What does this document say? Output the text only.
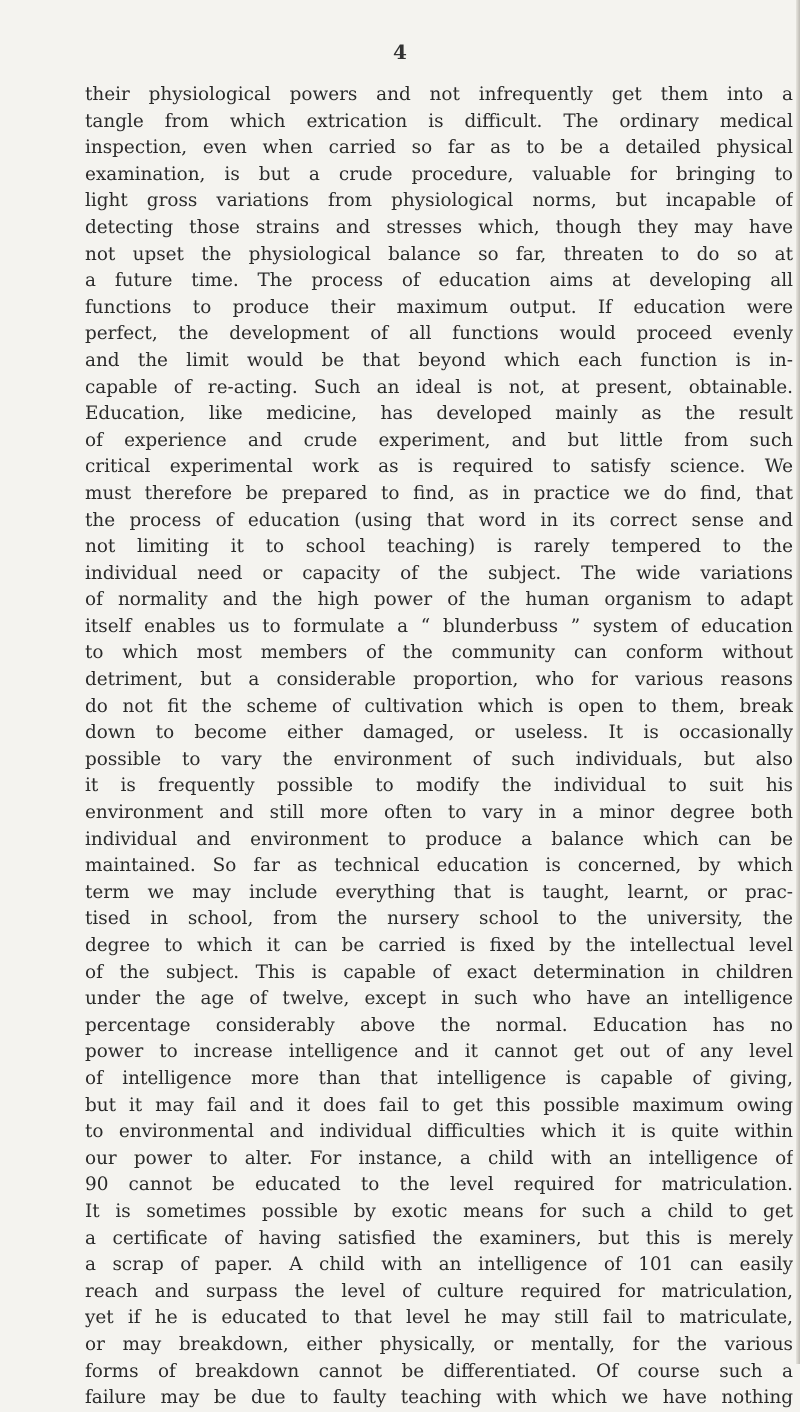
4
their physiological powers and not infrequently get them into a
tangle from which extrication is difficult. The ordinary medical
inspection, even when carried so far as to be a detailed physical
examination, is but a crude procedure, valuable for bringing to
light gross variations from physiological norms, but incapable of
detecting those strains and stresses which, though they may have
not upset the physiological balance so far, threaten to do so at
a future time. The process of education aims at developing all
functions to produce their maximum output. If education were
perfect, the development of all functions would proceed evenly
and the limit would be that beyond which each function is in-
capable of re-acting. Such an ideal is not, at present, obtainable.
Education, like medicine, has developed mainly as the result
of experience and crude experiment, and but little from such
critical experimental work as is required to satisfy science. We
must therefore be prepared to find, as in practice we do find, that
the process of education (using that word in its correct sense and
not limiting it to school teaching) is rarely tempered to the
individual need or capacity of the subject. The wide variations
of normality and the high power of the human organism to adapt
itself enables us to formulate a “ blunderbuss ” system of education
to which most members of the community can conform without
detriment, but a considerable proportion, who for various reasons
do not fit the scheme of cultivation which is open to them, break
down to become either damaged, or useless. It is occasionally
possible to vary the environment of such individuals, but also
it is frequently possible to modify the individual to suit his
environment and still more often to vary in a minor degree both
individual and environment to produce a balance which can be
maintained. So far as technical education is concerned, by which
term we may include everything that is taught, learnt, or prac-
tised in school, from the nursery school to the university, the
degree to which it can be carried is fixed by the intellectual level
of the subject. This is capable of exact determination in children
under the age of twelve, except in such who have an intelligence
percentage considerably above the normal. Education has no
power to increase intelligence and it cannot get out of any level
of intelligence more than that intelligence is capable of giving,
but it may fail and it does fail to get this possible maximum owing
to environmental and individual difficulties which it is quite within
our power to alter. For instance, a child with an intelligence of
90 cannot be educated to the level required for matriculation.
It is sometimes possible by exotic means for such a child to get
a certificate of having satisfied the examiners, but this is merely
a scrap of paper. A child with an intelligence of 101 can easily
reach and surpass the level of culture required for matriculation,
yet if he is educated to that level he may still fail to matriculate,
or may breakdown, either physically, or mentally, for the various
forms of breakdown cannot be differentiated. Of course such a
failure may be due to faulty teaching with which we have nothing
